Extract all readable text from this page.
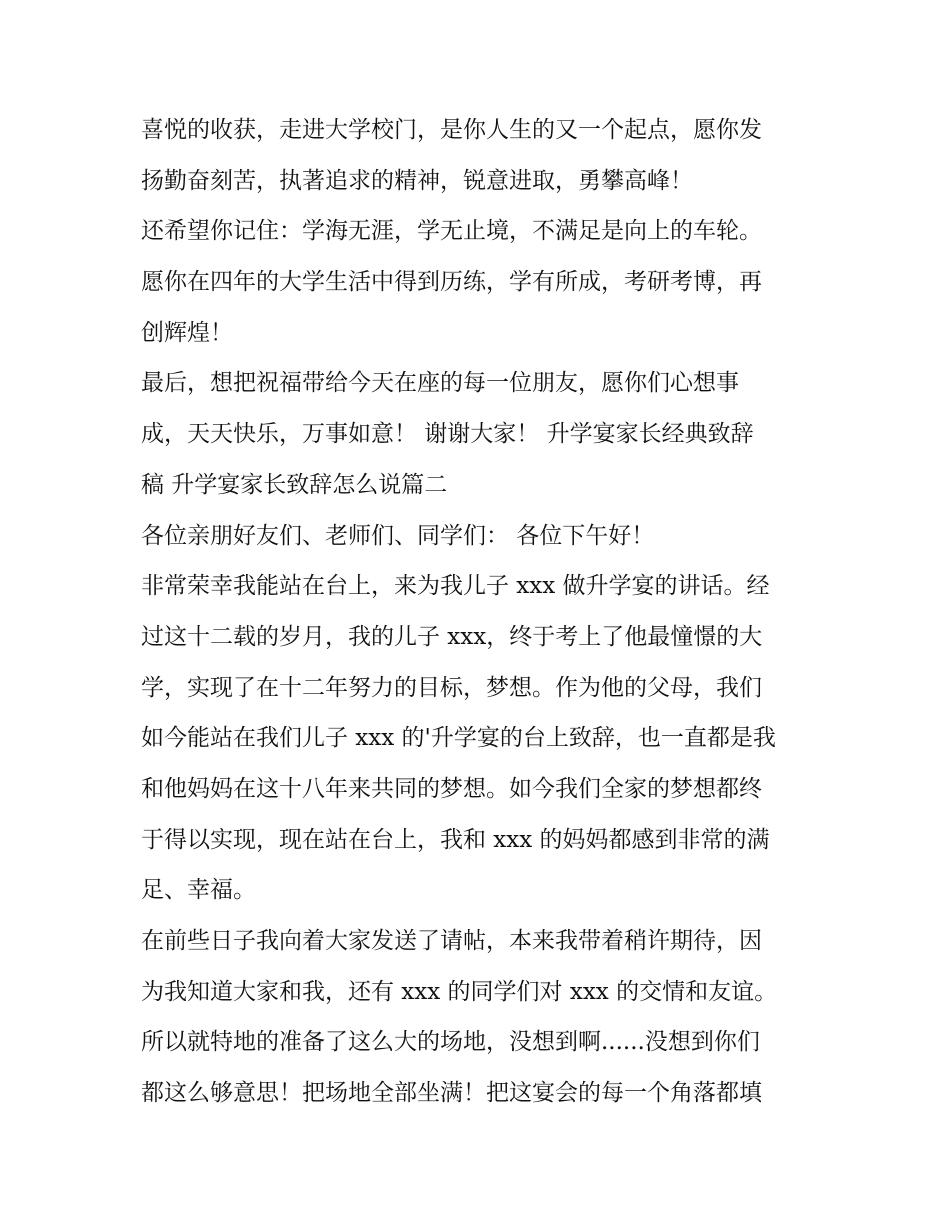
喜悦的收获，走进大学校门，是你人生的又一个起点，愿你发
扬勤奋刻苦，执著追求的精神，锐意进取，勇攀高峰！
还希望你记住：学海无涯，学无止境，不满足是向上的车轮。
愿你在四年的大学生活中得到历练，学有所成，考研考博，再
创辉煌！
最后，想把祝福带给今天在座的每一位朋友，愿你们心想事
成，天天快乐，万事如意！ 谢谢大家！ 升学宴家长经典致辞
稿 升学宴家长致辞怎么说篇二
各位亲朋好友们、老师们、同学们： 各位下午好！
非常荣幸我能站在台上，来为我儿子 xxx 做升学宴的讲话。经
过这十二载的岁月，我的儿子 xxx，终于考上了他最憧憬的大
学，实现了在十二年努力的目标，梦想。作为他的父母，我们
如今能站在我们儿子 xxx 的'升学宴的台上致辞，也一直都是我
和他妈妈在这十八年来共同的梦想。如今我们全家的梦想都终
于得以实现，现在站在台上，我和 xxx 的妈妈都感到非常的满
足、幸福。
在前些日子我向着大家发送了请帖，本来我带着稍许期待，因
为我知道大家和我，还有 xxx 的同学们对 xxx 的交情和友谊。
所以就特地的准备了这么大的场地，没想到啊......没想到你们
都这么够意思！把场地全部坐满！把这宴会的每一个角落都填
